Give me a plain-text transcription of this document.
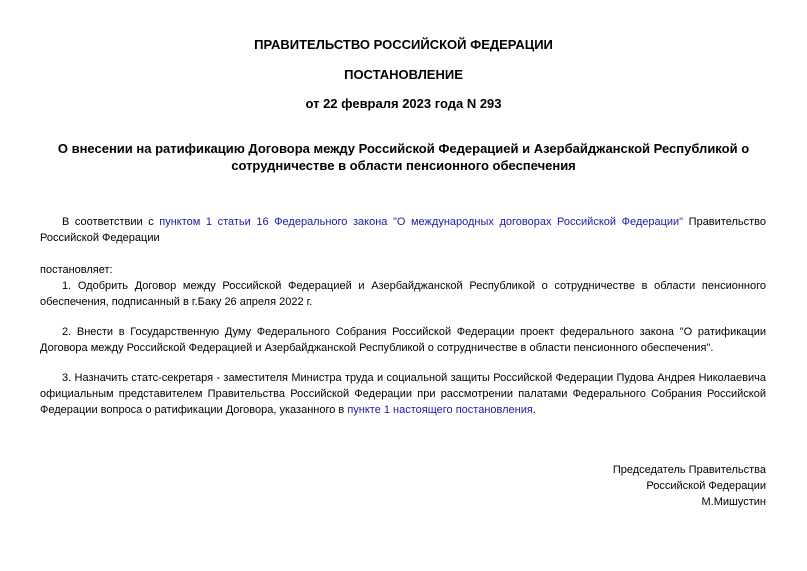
ПРАВИТЕЛЬСТВО РОССИЙСКОЙ ФЕДЕРАЦИИ
ПОСТАНОВЛЕНИЕ
от 22 февраля 2023 года N 293
О внесении на ратификацию Договора между Российской Федерацией и Азербайджанской Республикой о сотрудничестве в области пенсионного обеспечения
В соответствии с пунктом 1 статьи 16 Федерального закона "О международных договорах Российской Федерации" Правительство Российской Федерации
постановляет:
1. Одобрить Договор между Российской Федерацией и Азербайджанской Республикой о сотрудничестве в области пенсионного обеспечения, подписанный в г.Баку 26 апреля 2022 г.
2. Внести в Государственную Думу Федерального Собрания Российской Федерации проект федерального закона "О ратификации Договора между Российской Федерацией и Азербайджанской Республикой о сотрудничестве в области пенсионного обеспечения".
3. Назначить статс-секретаря - заместителя Министра труда и социальной защиты Российской Федерации Пудова Андрея Николаевича официальным представителем Правительства Российской Федерации при рассмотрении палатами Федерального Собрания Российской Федерации вопроса о ратификации Договора, указанного в пункте 1 настоящего постановления.
Председатель Правительства
Российской Федерации
М.Мишустин
